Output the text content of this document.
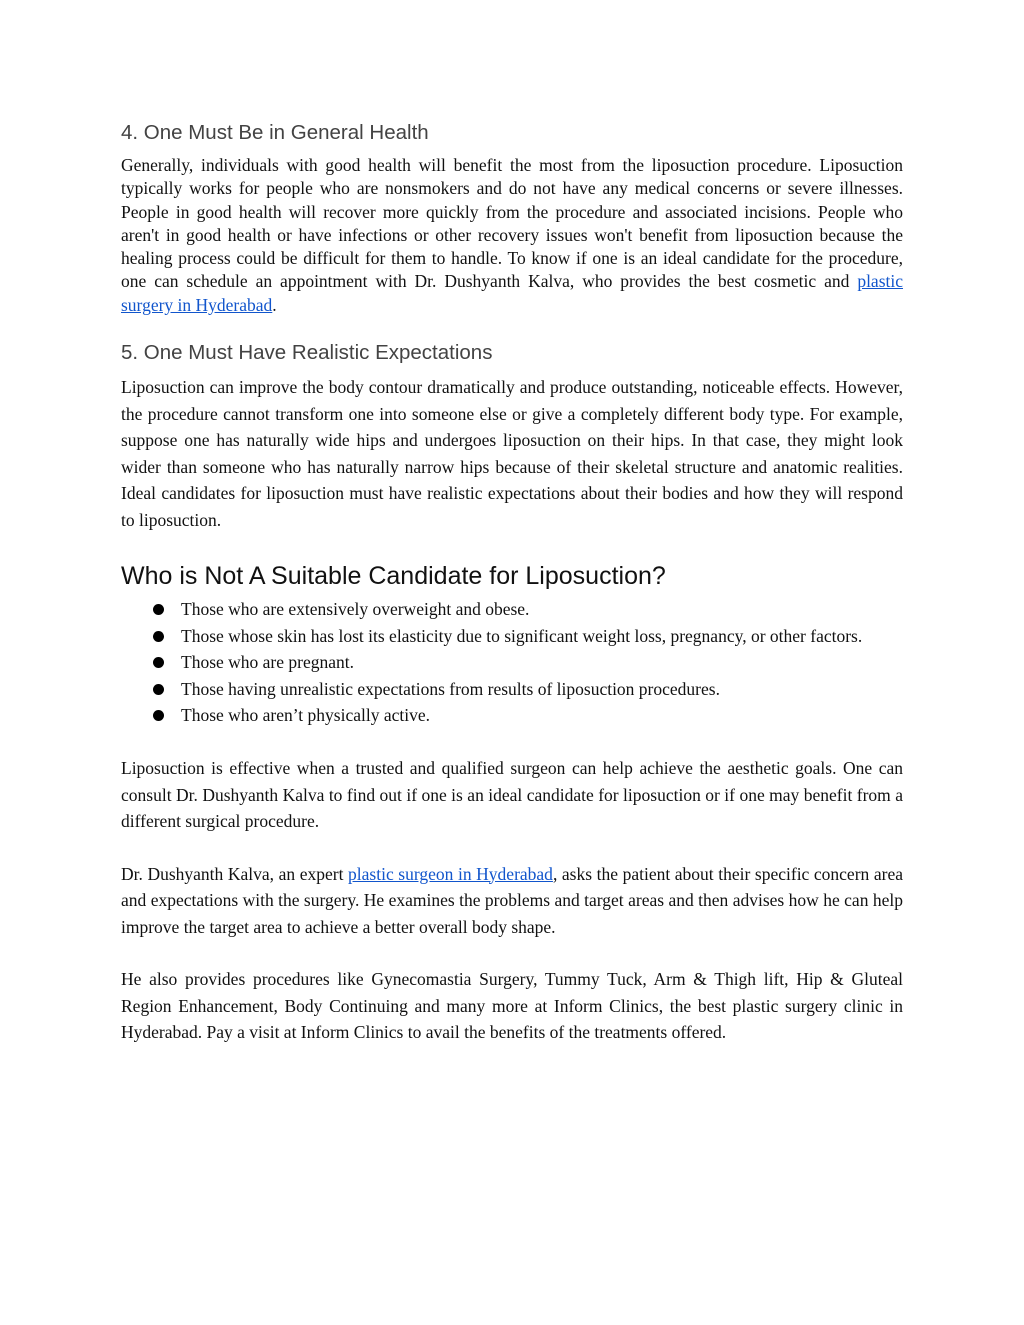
4. One Must Be in General Health

Generally, individuals with good health will benefit the most from the liposuction procedure. Liposuction typically works for people who are nonsmokers and do not have any medical concerns or severe illnesses. People in good health will recover more quickly from the procedure and associated incisions. People who aren't in good health or have infections or other recovery issues won't benefit from liposuction because the healing process could be difficult for them to handle. To know if one is an ideal candidate for the procedure, one can schedule an appointment with Dr. Dushyanth Kalva, who provides the best cosmetic and plastic surgery in Hyderabad.

5. One Must Have Realistic Expectations

Liposuction can improve the body contour dramatically and produce outstanding, noticeable effects. However, the procedure cannot transform one into someone else or give a completely different body type. For example, suppose one has naturally wide hips and undergoes liposuction on their hips. In that case, they might look wider than someone who has naturally narrow hips because of their skeletal structure and anatomic realities. Ideal candidates for liposuction must have realistic expectations about their bodies and how they will respond to liposuction.

Who is Not A Suitable Candidate for Liposuction?
Those who are extensively overweight and obese.
Those whose skin has lost its elasticity due to significant weight loss, pregnancy, or other factors.
Those who are pregnant.
Those having unrealistic expectations from results of liposuction procedures.
Those who aren’t physically active.

Liposuction is effective when a trusted and qualified surgeon can help achieve the aesthetic goals. One can consult Dr. Dushyanth Kalva to find out if one is an ideal candidate for liposuction or if one may benefit from a different surgical procedure.

Dr. Dushyanth Kalva, an expert plastic surgeon in Hyderabad, asks the patient about their specific concern area and expectations with the surgery. He examines the problems and target areas and then advises how he can help improve the target area to achieve a better overall body shape.

He also provides procedures like Gynecomastia Surgery, Tummy Tuck, Arm & Thigh lift, Hip & Gluteal Region Enhancement, Body Continuing and many more at Inform Clinics, the best plastic surgery clinic in Hyderabad. Pay a visit at Inform Clinics to avail the benefits of the treatments offered.
